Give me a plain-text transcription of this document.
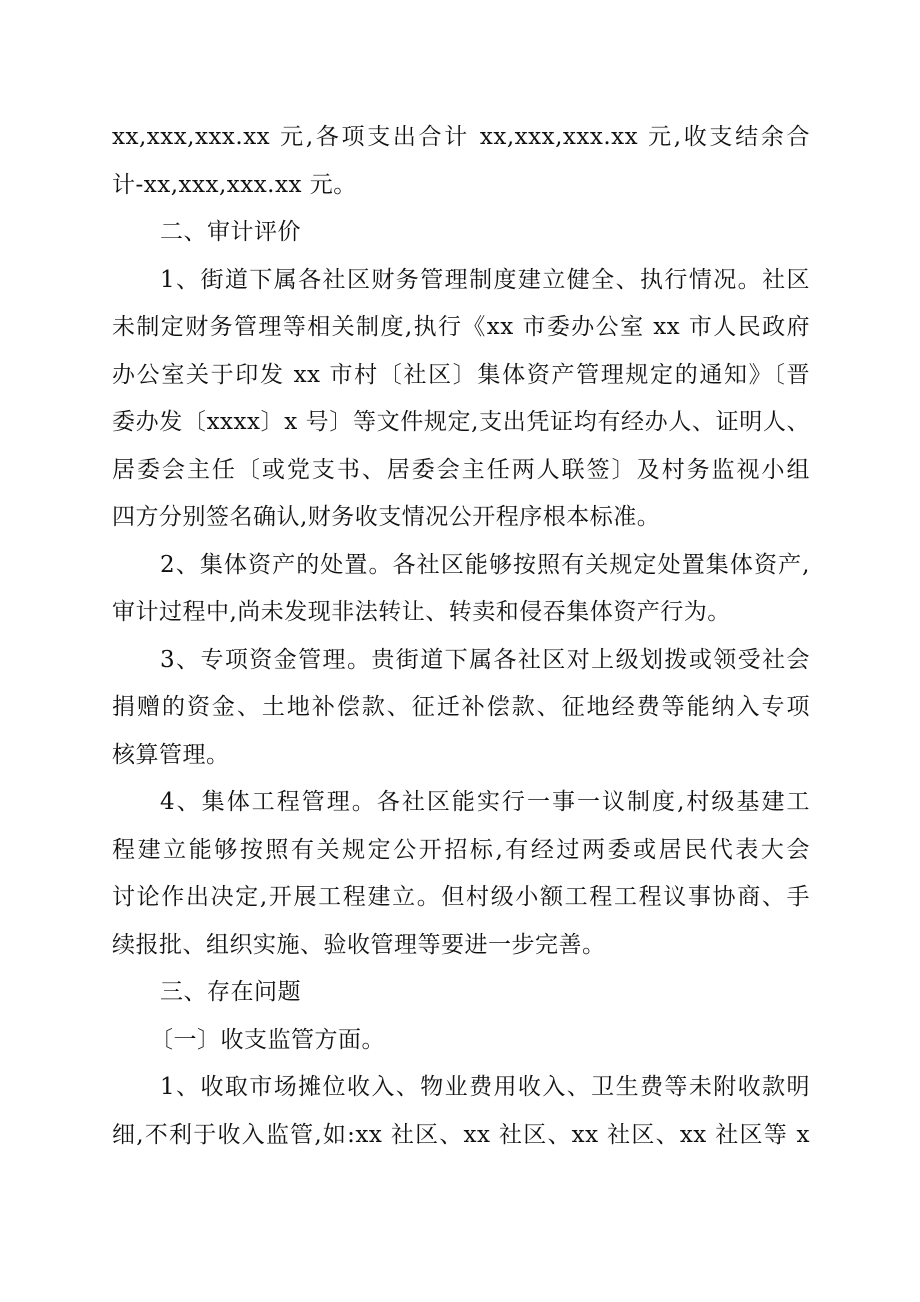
xx,xxx,xxx.xx 元,各项支出合计 xx,xxx,xxx.xx 元,收支结余合
计-xx,xxx,xxx.xx 元。
二、审计评价
1、街道下属各社区财务管理制度建立健全、执行情况。社区
未制定财务管理等相关制度,执行《xx 市委办公室 xx 市人民政府
办公室关于印发 xx 市村〔社区〕集体资产管理规定的通知》〔晋
委办发〔xxxx〕x 号〕等文件规定,支出凭证均有经办人、证明人、
居委会主任〔或党支书、居委会主任两人联签〕及村务监视小组
四方分别签名确认,财务收支情况公开程序根本标准。
2、集体资产的处置。各社区能够按照有关规定处置集体资产,
审计过程中,尚未发现非法转让、转卖和侵吞集体资产行为。
3、专项资金管理。贵街道下属各社区对上级划拨或领受社会
捐赠的资金、土地补偿款、征迁补偿款、征地经费等能纳入专项
核算管理。
4、集体工程管理。各社区能实行一事一议制度,村级基建工
程建立能够按照有关规定公开招标,有经过两委或居民代表大会
讨论作出决定,开展工程建立。但村级小额工程工程议事协商、手
续报批、组织实施、验收管理等要进一步完善。
三、存在问题
〔一〕收支监管方面。
1、收取市场摊位收入、物业费用收入、卫生费等未附收款明
细,不利于收入监管,如:xx 社区、xx 社区、xx 社区、xx 社区等 x
